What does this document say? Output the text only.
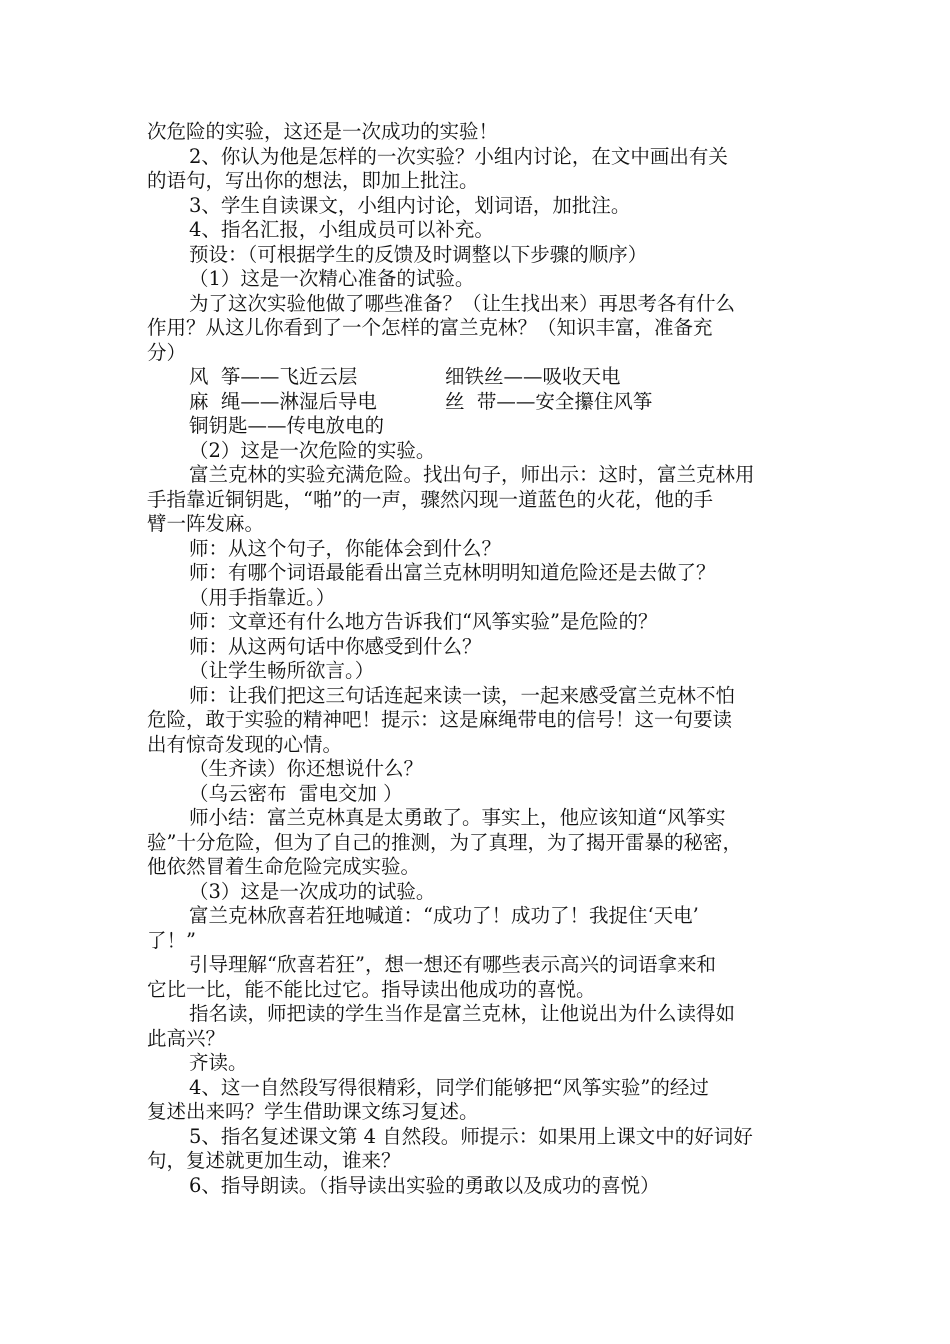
次危险的实验，这还是一次成功的实验！
2、你认为他是怎样的一次实验？小组内讨论，在文中画出有关
的语句，写出你的想法，即加上批注。
3、学生自读课文，小组内讨论，划词语，加批注。
4、指名汇报，小组成员可以补充。
预设：（可根据学生的反馈及时调整以下步骤的顺序）
（1）这是一次精心准备的试验。
为了这次实验他做了哪些准备？（让生找出来）再思考各有什么
作用？从这儿你看到了一个怎样的富兰克林？（知识丰富，准备充
分）
风  筝——飞近云层	细铁丝——吸收天电
麻  绳——淋湿后导电	丝  带——安全攥住风筝
铜钥匙——传电放电的
（2）这是一次危险的实验。
富兰克林的实验充满危险。找出句子，师出示：这时，富兰克林用
手指靠近铜钥匙，“啪”的一声，骤然闪现一道蓝色的火花，他的手
臂一阵发麻。
师：从这个句子，你能体会到什么？
师：有哪个词语最能看出富兰克林明明知道危险还是去做了？
（用手指靠近。）
师：文章还有什么地方告诉我们“风筝实验”是危险的？
师：从这两句话中你感受到什么？
（让学生畅所欲言。）
师：让我们把这三句话连起来读一读，一起来感受富兰克林不怕
危险，敢于实验的精神吧！提示：这是麻绳带电的信号！这一句要读
出有惊奇发现的心情。
（生齐读）你还想说什么？
（乌云密布  雷电交加 ）
师小结：富兰克林真是太勇敢了。事实上，他应该知道“风筝实
验”十分危险，但为了自己的推测，为了真理，为了揭开雷暴的秘密，
他依然冒着生命危险完成实验。
（3）这是一次成功的试验。
富兰克林欣喜若狂地喊道：“成功了！成功了！我捉住‘天电’
了！”
引导理解“欣喜若狂”，想一想还有哪些表示高兴的词语拿来和
它比一比，能不能比过它。指导读出他成功的喜悦。
指名读，师把读的学生当作是富兰克林，让他说出为什么读得如
此高兴？
齐读。
4、这一自然段写得很精彩，同学们能够把“风筝实验”的经过
复述出来吗？学生借助课文练习复述。
5、指名复述课文第 4 自然段。师提示：如果用上课文中的好词好
句，复述就更加生动，谁来？
6、指导朗读。（指导读出实验的勇敢以及成功的喜悦）
